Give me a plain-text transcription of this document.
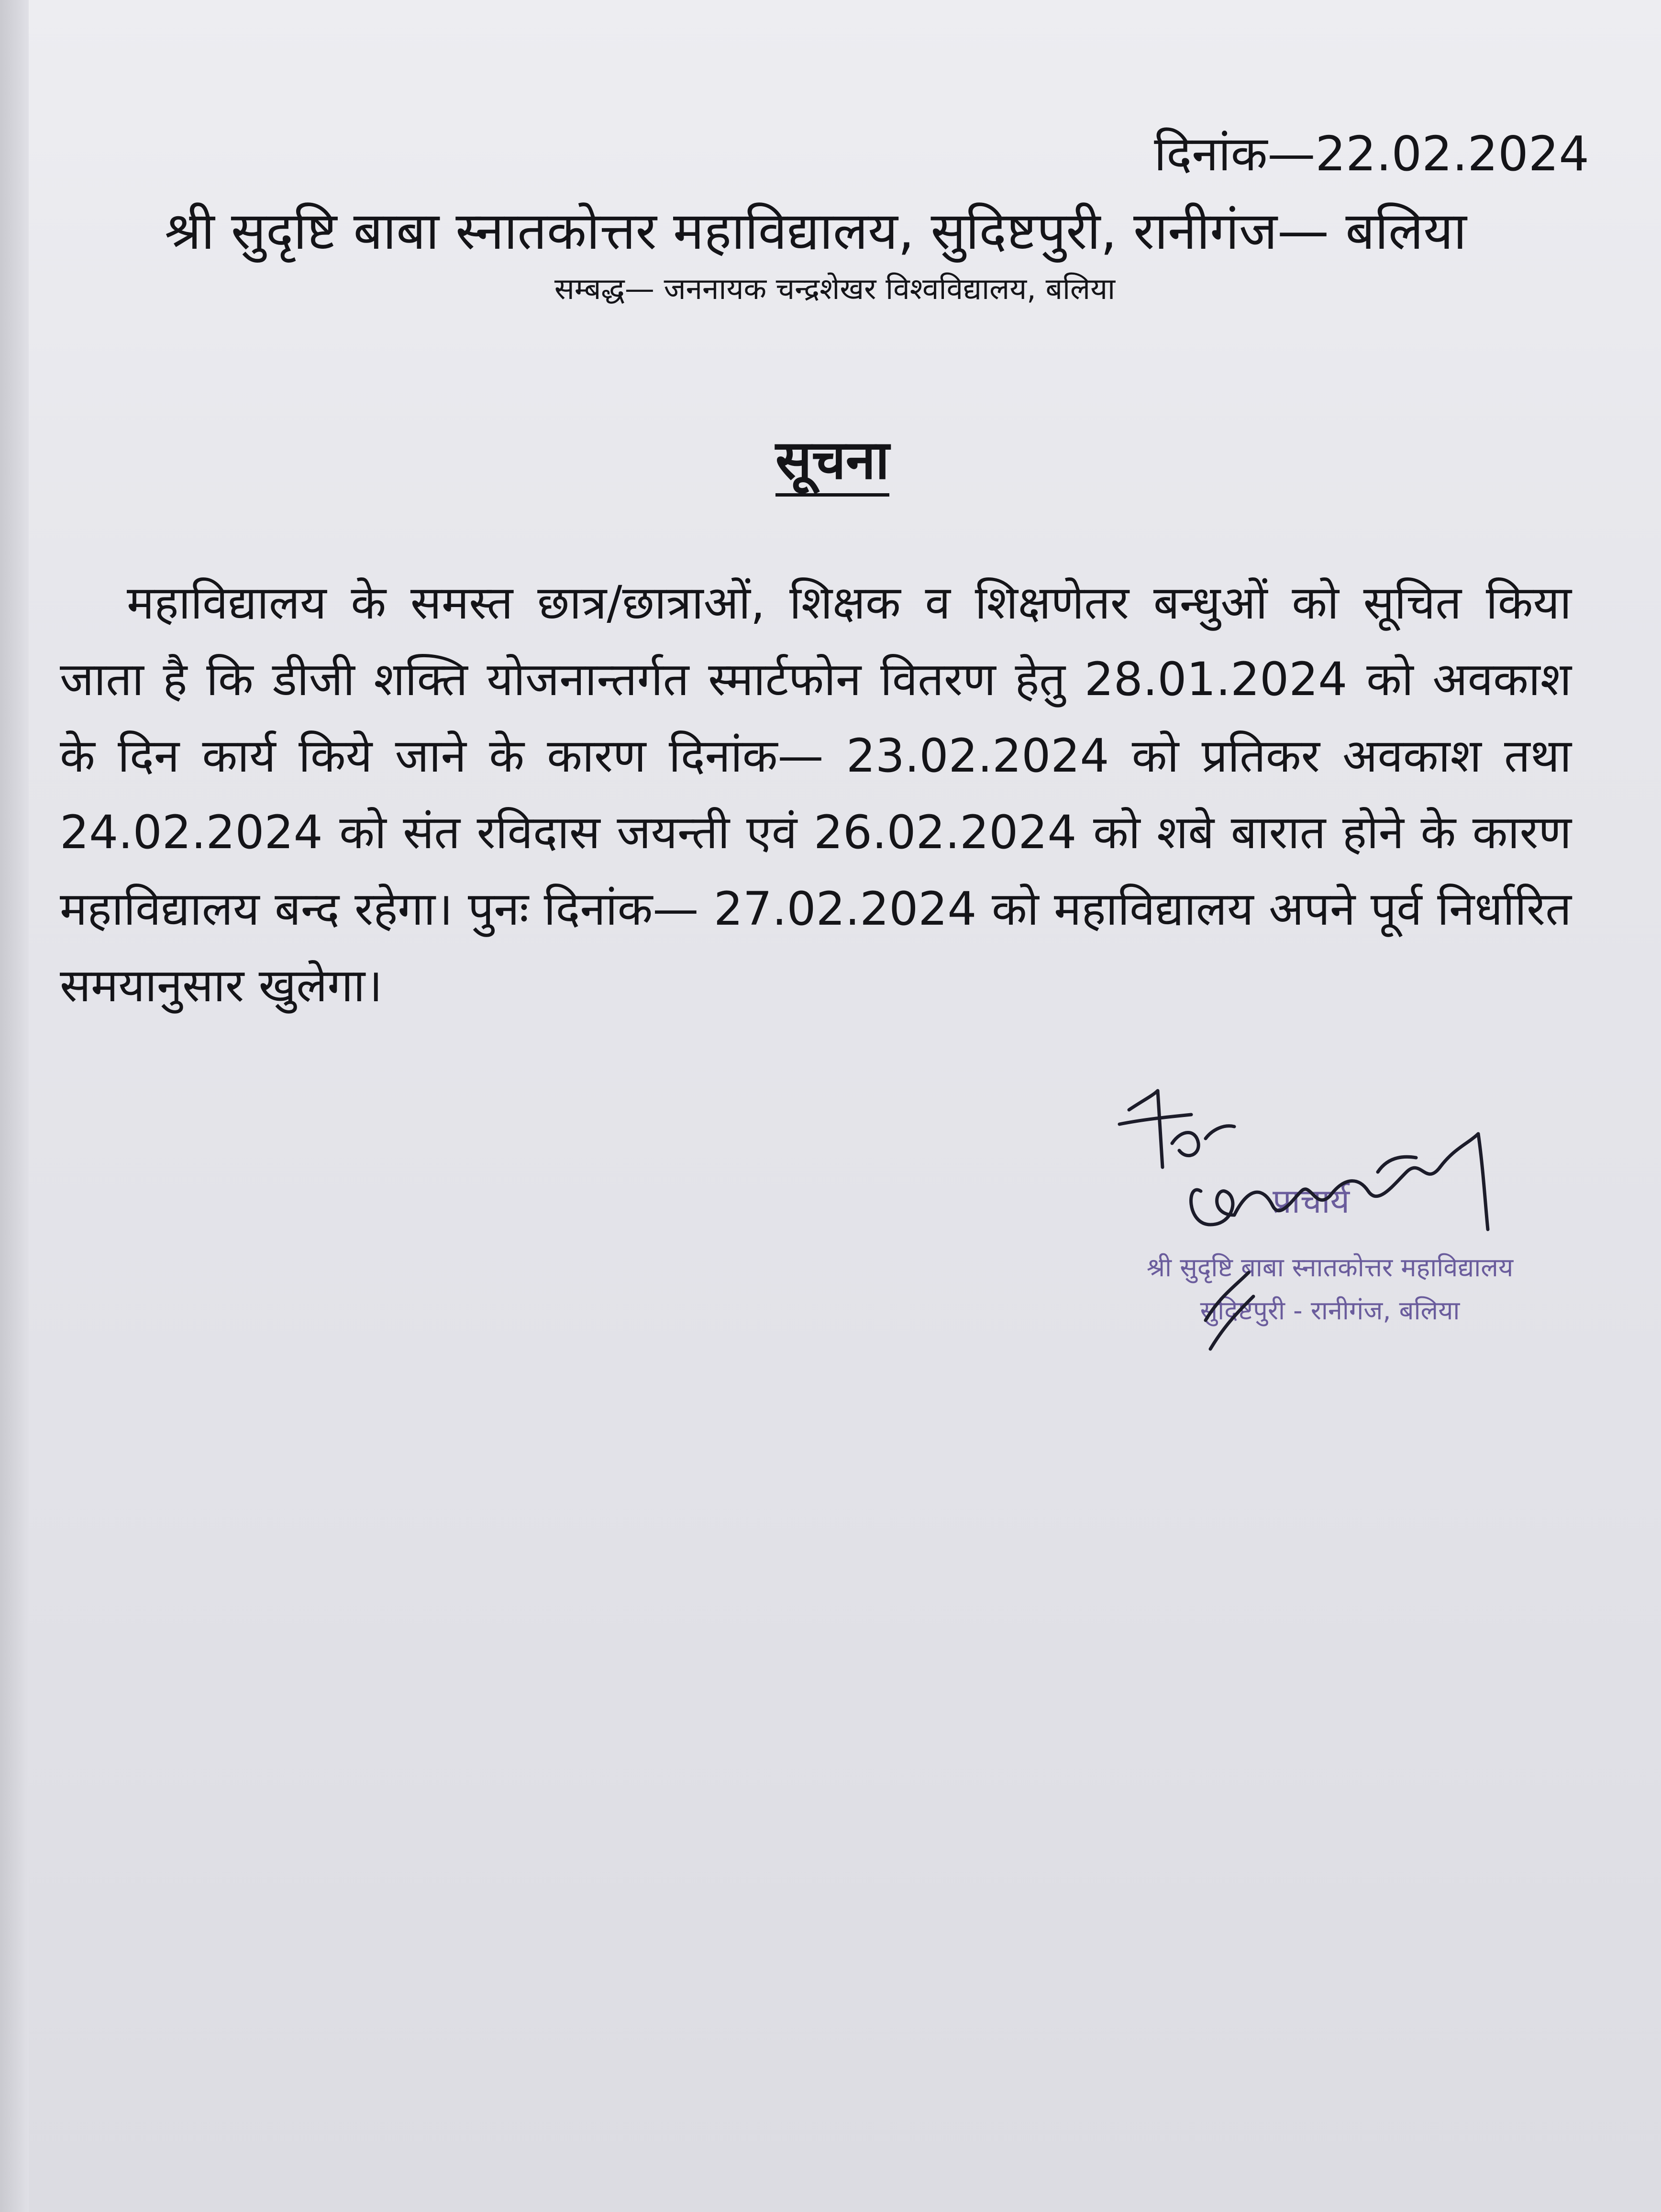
दिनांक—22.02.2024
श्री सुदृष्टि बाबा स्नातकोत्तर महाविद्यालय, सुदिष्टपुरी, रानीगंज— बलिया
सम्बद्ध— जननायक चन्द्रशेखर विश्वविद्यालय, बलिया
सूचना
महाविद्यालय के समस्त छात्र/छात्राओं, शिक्षक व शिक्षणेतर बन्धुओं को सूचित किया जाता है कि डीजी शक्ति योजनान्तर्गत स्मार्टफोन वितरण हेतु 28.01.2024 को अवकाश के दिन कार्य किये जाने के कारण दिनांक— 23.02.2024 को प्रतिकर अवकाश तथा 24.02.2024 को संत रविदास जयन्ती एवं 26.02.2024 को शबे बारात होने के कारण महाविद्यालय बन्द रहेगा। पुनः दिनांक— 27.02.2024 को महाविद्यालय अपने पूर्व निर्धारित समयानुसार खुलेगा।
प्राचार्य
श्री सुदृष्टि बाबा स्नातकोत्तर महाविद्यालय
सुदिष्टपुरी - रानीगंज, बलिया
